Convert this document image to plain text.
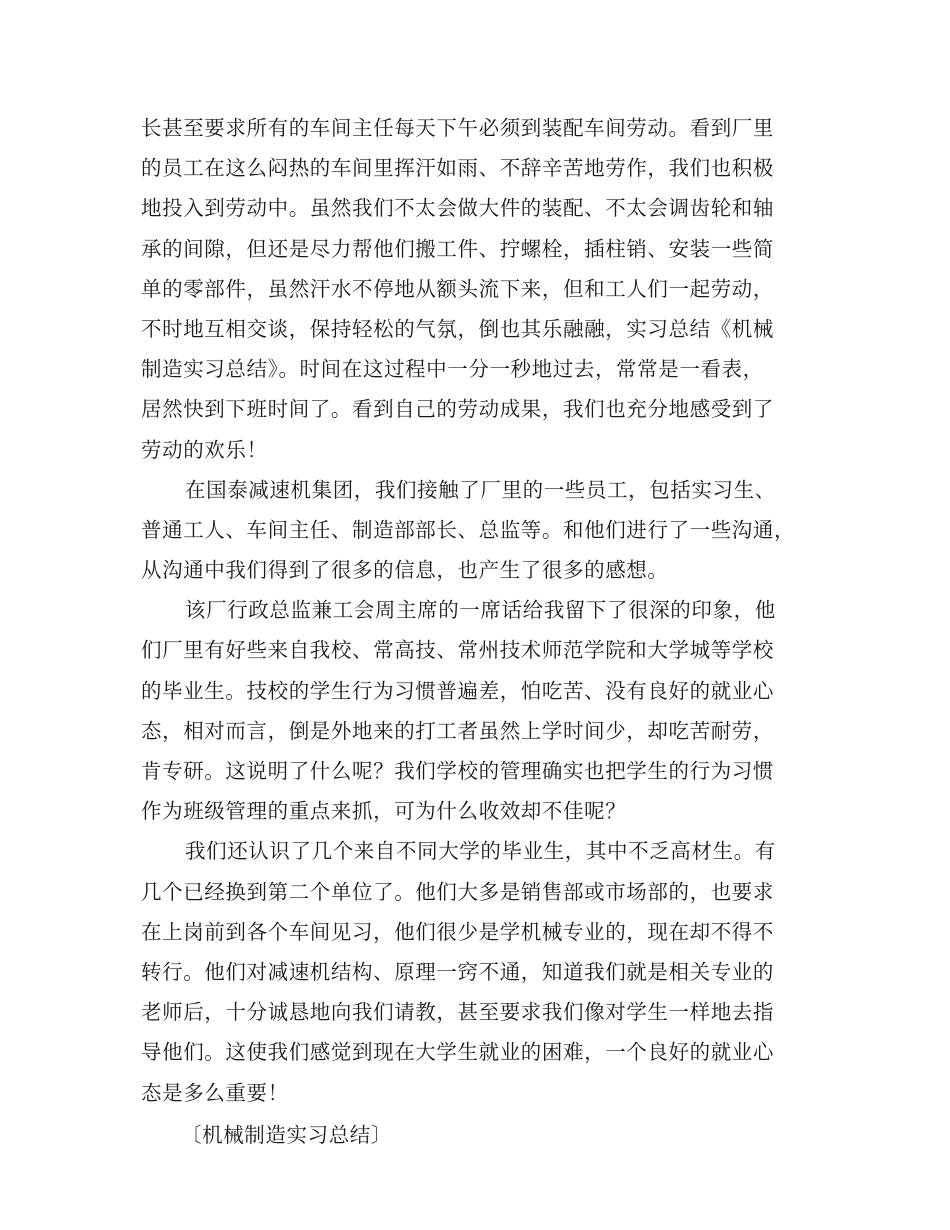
长甚至要求所有的车间主任每天下午必须到装配车间劳动。看到厂里
的员工在这么闷热的车间里挥汗如雨、不辞辛苦地劳作，我们也积极
地投入到劳动中。虽然我们不太会做大件的装配、不太会调齿轮和轴
承的间隙，但还是尽力帮他们搬工件、拧螺栓，插柱销、安装一些简
单的零部件，虽然汗水不停地从额头流下来，但和工人们一起劳动，
不时地互相交谈，保持轻松的气氛，倒也其乐融融，实习总结《机械
制造实习总结》。时间在这过程中一分一秒地过去，常常是一看表，
居然快到下班时间了。看到自己的劳动成果，我们也充分地感受到了
劳动的欢乐！
在国泰减速机集团，我们接触了厂里的一些员工，包括实习生、
普通工人、车间主任、制造部部长、总监等。和他们进行了一些沟通，
从沟通中我们得到了很多的信息，也产生了很多的感想。
该厂行政总监兼工会周主席的一席话给我留下了很深的印象，他
们厂里有好些来自我校、常高技、常州技术师范学院和大学城等学校
的毕业生。技校的学生行为习惯普遍差，怕吃苦、没有良好的就业心
态，相对而言，倒是外地来的打工者虽然上学时间少，却吃苦耐劳，
肯专研。这说明了什么呢？我们学校的管理确实也把学生的行为习惯
作为班级管理的重点来抓，可为什么收效却不佳呢？
我们还认识了几个来自不同大学的毕业生，其中不乏高材生。有
几个已经换到第二个单位了。他们大多是销售部或市场部的，也要求
在上岗前到各个车间见习，他们很少是学机械专业的，现在却不得不
转行。他们对减速机结构、原理一窍不通，知道我们就是相关专业的
老师后，十分诚恳地向我们请教，甚至要求我们像对学生一样地去指
导他们。这使我们感觉到现在大学生就业的困难，一个良好的就业心
态是多么重要！
〔机械制造实习总结〕
